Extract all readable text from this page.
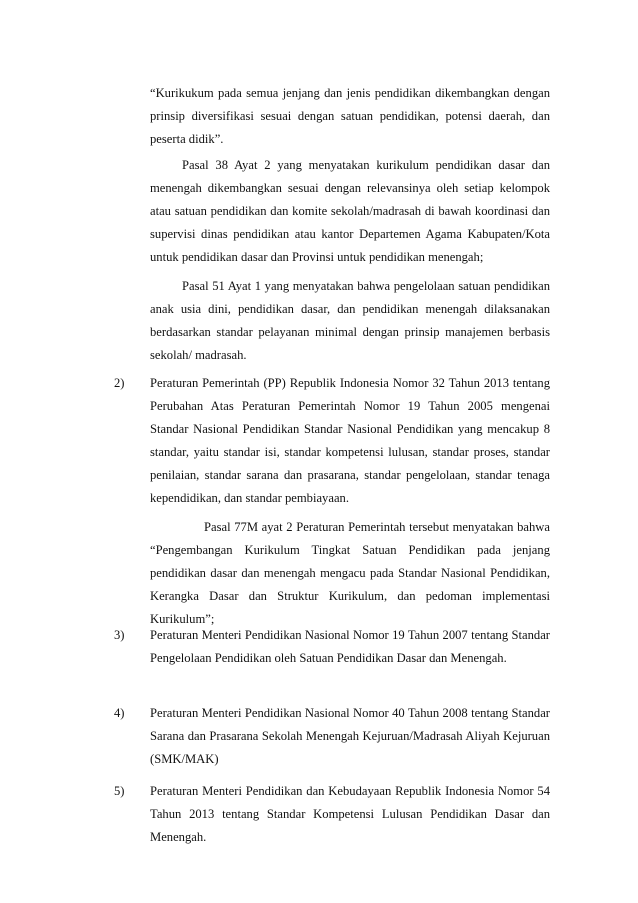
“Kurikukum pada semua jenjang dan jenis pendidikan dikembangkan dengan prinsip diversifikasi sesuai dengan satuan pendidikan, potensi daerah, dan peserta didik”.

Pasal 38 Ayat 2 yang menyatakan kurikulum pendidikan dasar dan menengah dikembangkan sesuai dengan relevansinya oleh setiap kelompok atau satuan pendidikan dan komite sekolah/madrasah di bawah koordinasi dan supervisi dinas pendidikan atau kantor Departemen Agama Kabupaten/Kota untuk pendidikan dasar dan Provinsi untuk pendidikan menengah;

Pasal 51 Ayat 1 yang menyatakan bahwa pengelolaan satuan pendidikan anak usia dini, pendidikan dasar, dan pendidikan menengah dilaksanakan berdasarkan standar pelayanan minimal dengan prinsip manajemen berbasis sekolah/ madrasah.

2) Peraturan Pemerintah (PP) Republik Indonesia Nomor 32 Tahun 2013 tentang Perubahan Atas Peraturan Pemerintah Nomor 19 Tahun 2005 mengenai Standar Nasional Pendidikan Standar Nasional Pendidikan yang mencakup 8 standar, yaitu standar isi, standar kompetensi lulusan, standar proses, standar penilaian, standar sarana dan prasarana, standar pengelolaan, standar tenaga kependidikan, dan standar pembiayaan.

Pasal 77M ayat 2 Peraturan Pemerintah tersebut menyatakan bahwa “Pengembangan Kurikulum Tingkat Satuan Pendidikan pada jenjang pendidikan dasar dan menengah mengacu pada Standar Nasional Pendidikan, Kerangka Dasar dan Struktur Kurikulum, dan pedoman implementasi Kurikulum”;

3) Peraturan Menteri Pendidikan Nasional Nomor 19 Tahun 2007 tentang Standar Pengelolaan Pendidikan oleh Satuan Pendidikan Dasar dan Menengah.

4) Peraturan Menteri Pendidikan Nasional Nomor 40 Tahun 2008 tentang Standar Sarana dan Prasarana Sekolah Menengah Kejuruan/Madrasah Aliyah Kejuruan (SMK/MAK)

5) Peraturan Menteri Pendidikan dan Kebudayaan Republik Indonesia Nomor 54 Tahun 2013 tentang Standar Kompetensi Lulusan Pendidikan Dasar dan Menengah.
